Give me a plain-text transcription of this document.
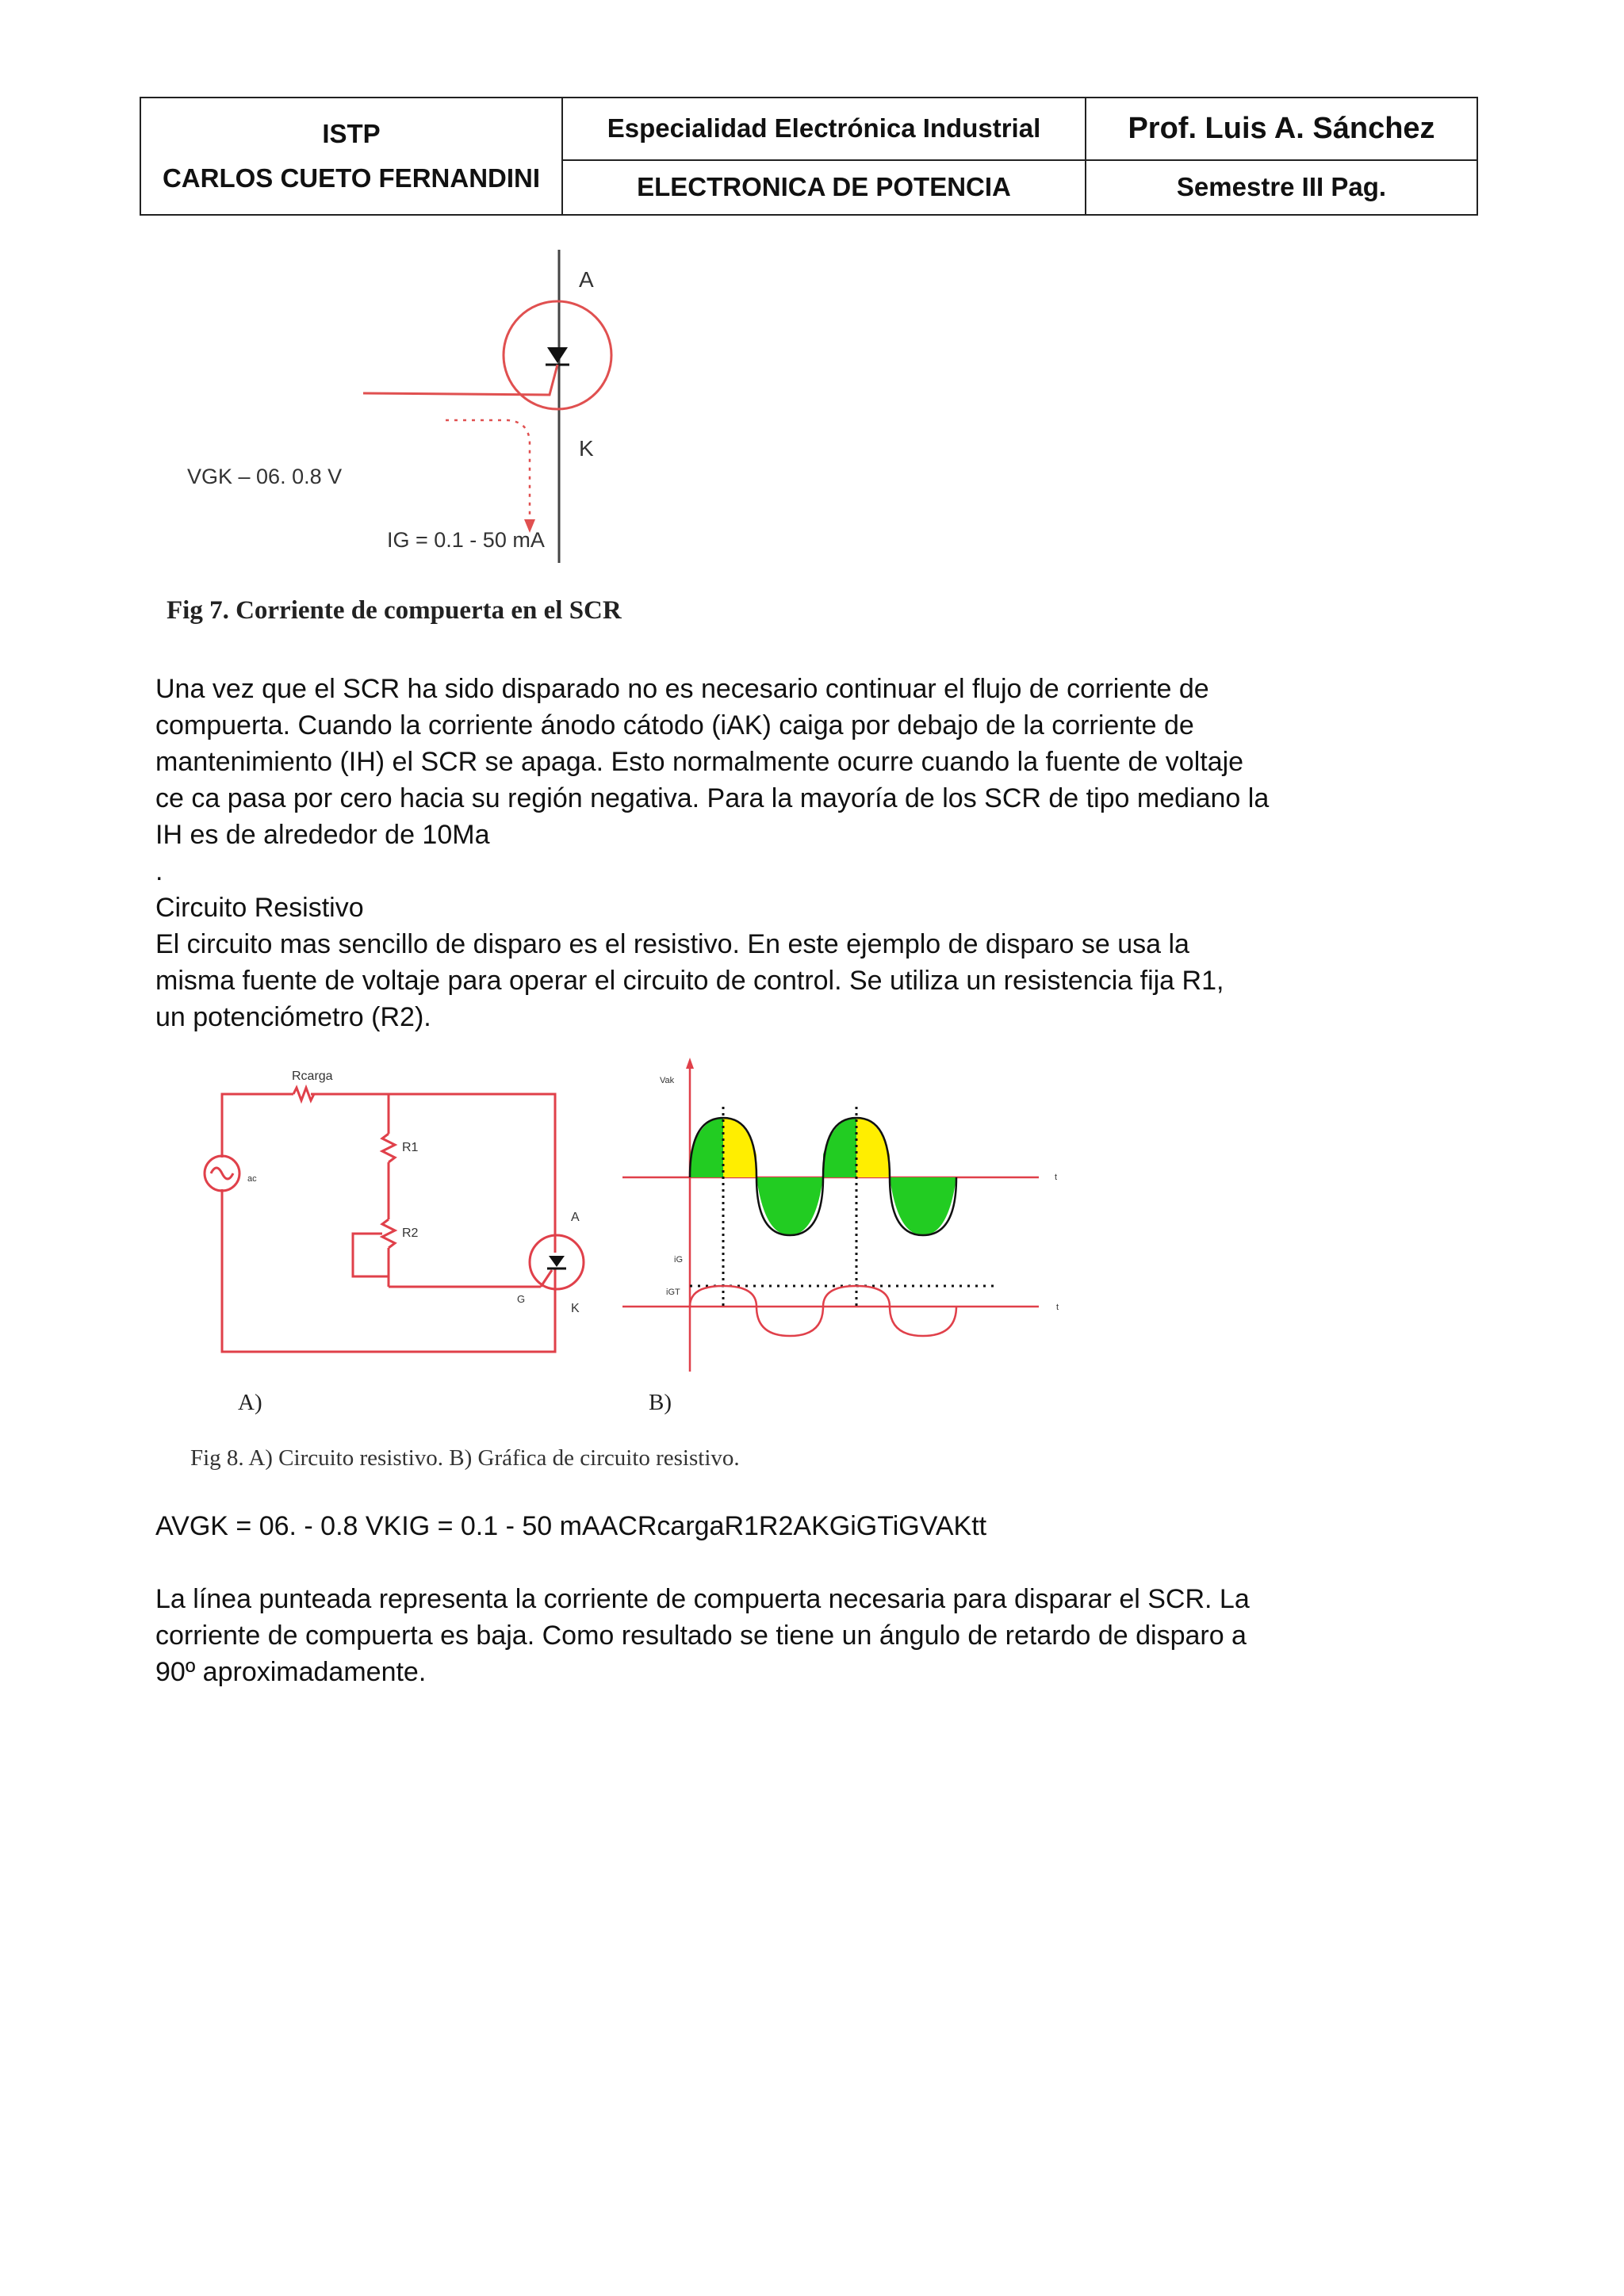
ISTP
CARLOS CUETO FERNANDINI	Especialidad Electrónica Industrial	Prof. Luis A. Sánchez
	ELECTRONICA DE POTENCIA	Semestre III Pag.
A
K
VGK – 06. 0.8 V
IG = 0.1 - 50 mA
Fig 7. Corriente de compuerta en el SCR

Una vez que el SCR ha sido disparado no es necesario continuar el flujo de corriente de

compuerta. Cuando la corriente ánodo cátodo (iAK) caiga por debajo de la corriente de

mantenimiento (IH) el SCR se apaga. Esto normalmente ocurre cuando la fuente de voltaje

ce ca pasa por cero hacia su región negativa. Para la mayoría de los SCR de tipo mediano la

IH es de alrededor de 10Ma

.

Circuito Resistivo

El circuito mas sencillo de disparo es el resistivo. En este ejemplo de disparo se usa la

misma fuente de voltaje para operar el circuito de control. Se utiliza un resistencia fija R1,

un potenciómetro (R2).

Rcarga
R1
R2
ac
A
K
G
Vak
iG
iGT
t
t
A)	B)
Fig 8. A) Circuito resistivo. B) Gráfica de circuito resistivo.

AVGK = 06. - 0.8 VKIG = 0.1 - 50 mAACRcargaR1R2AKGiGTiGVAKtt

La línea punteada representa la corriente de compuerta necesaria para disparar el SCR. La

corriente de compuerta es baja. Como resultado se tiene un ángulo de retardo de disparo a

90º aproximadamente.
